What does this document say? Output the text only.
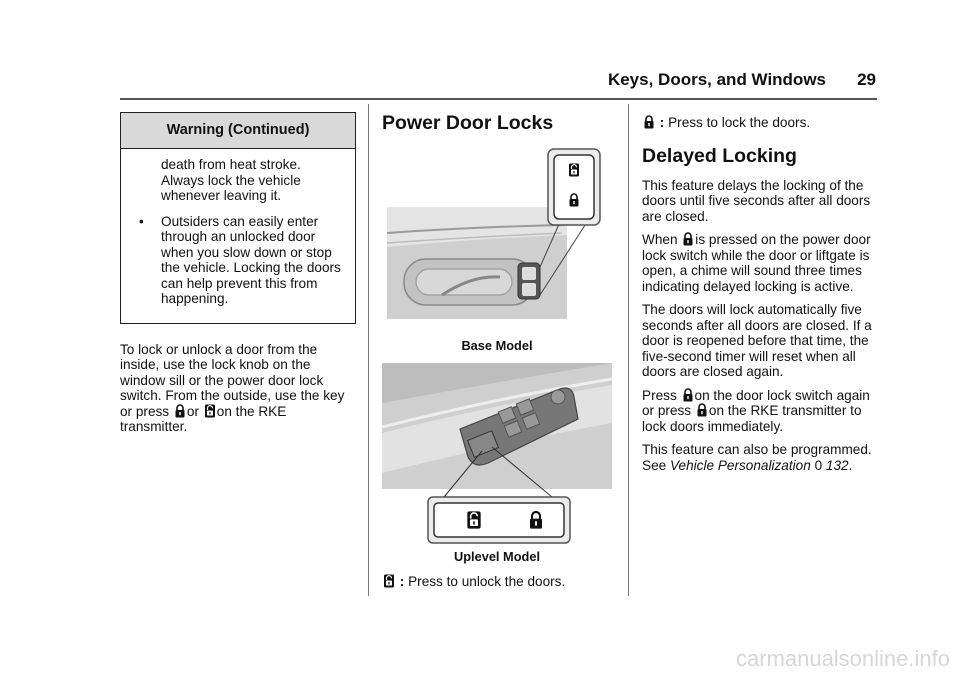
Keys, Doors, and Windows	29
Warning (Continued)

death from heat stroke. Always lock the vehicle whenever leaving it.

• Outsiders can easily enter through an unlocked door when you slow down or stop the vehicle. Locking the doors can help prevent this from happening.

To lock or unlock a door from the inside, use the lock knob on the window sill or the power door lock switch. From the outside, use the key or press or on the RKE transmitter.

Power Door Locks

Base Model

Uplevel Model

: Press to unlock the doors.

: Press to lock the doors.

Delayed Locking

This feature delays the locking of the doors until five seconds after all doors are closed.

When is pressed on the power door lock switch while the door or liftgate is open, a chime will sound three times indicating delayed locking is active.

The doors will lock automatically five seconds after all doors are closed. If a door is reopened before that time, the five-second timer will reset when all doors are closed again.

Press on the door lock switch again or press on the RKE transmitter to lock doors immediately.

This feature can also be programmed. See Vehicle Personalization 0 132.

carmanualsonline.info
